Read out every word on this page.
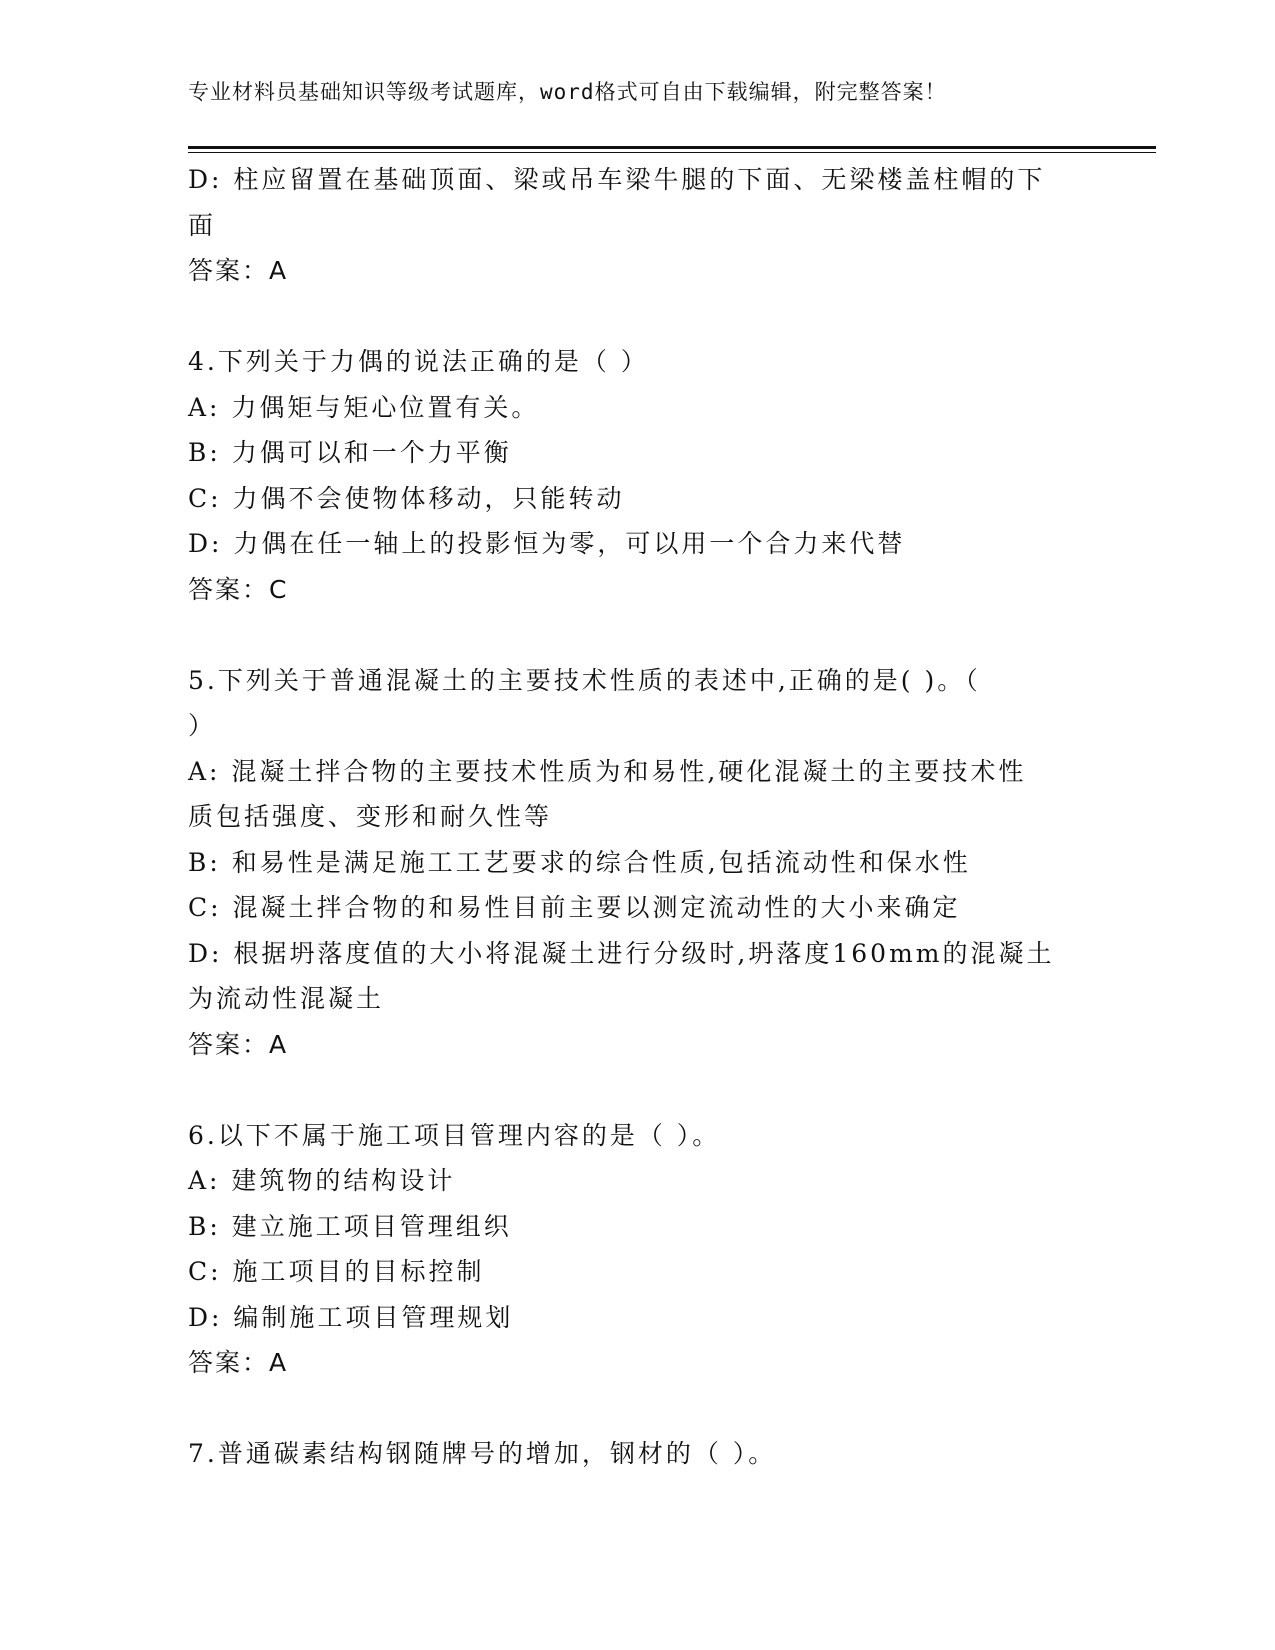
专业材料员基础知识等级考试题库，word格式可自由下载编辑，附完整答案！
D: 柱应留置在基础顶面、梁或吊车梁牛腿的下面、无梁楼盖柱帽的下
面
答案：A
4.下列关于力偶的说法正确的是（ ）
A: 力偶矩与矩心位置有关。
B: 力偶可以和一个力平衡
C: 力偶不会使物体移动，只能转动
D: 力偶在任一轴上的投影恒为零，可以用一个合力来代替
答案：C
5.下列关于普通混凝土的主要技术性质的表述中,正确的是( )。（
）
A: 混凝土拌合物的主要技术性质为和易性,硬化混凝土的主要技术性
质包括强度、变形和耐久性等
B: 和易性是满足施工工艺要求的综合性质,包括流动性和保水性
C: 混凝土拌合物的和易性目前主要以测定流动性的大小来确定
D: 根据坍落度值的大小将混凝土进行分级时,坍落度160mm的混凝土
为流动性混凝土
答案：A
6.以下不属于施工项目管理内容的是（ ）。
A: 建筑物的结构设计
B: 建立施工项目管理组织
C: 施工项目的目标控制
D: 编制施工项目管理规划
答案：A
7.普通碳素结构钢随牌号的增加，钢材的（ ）。
